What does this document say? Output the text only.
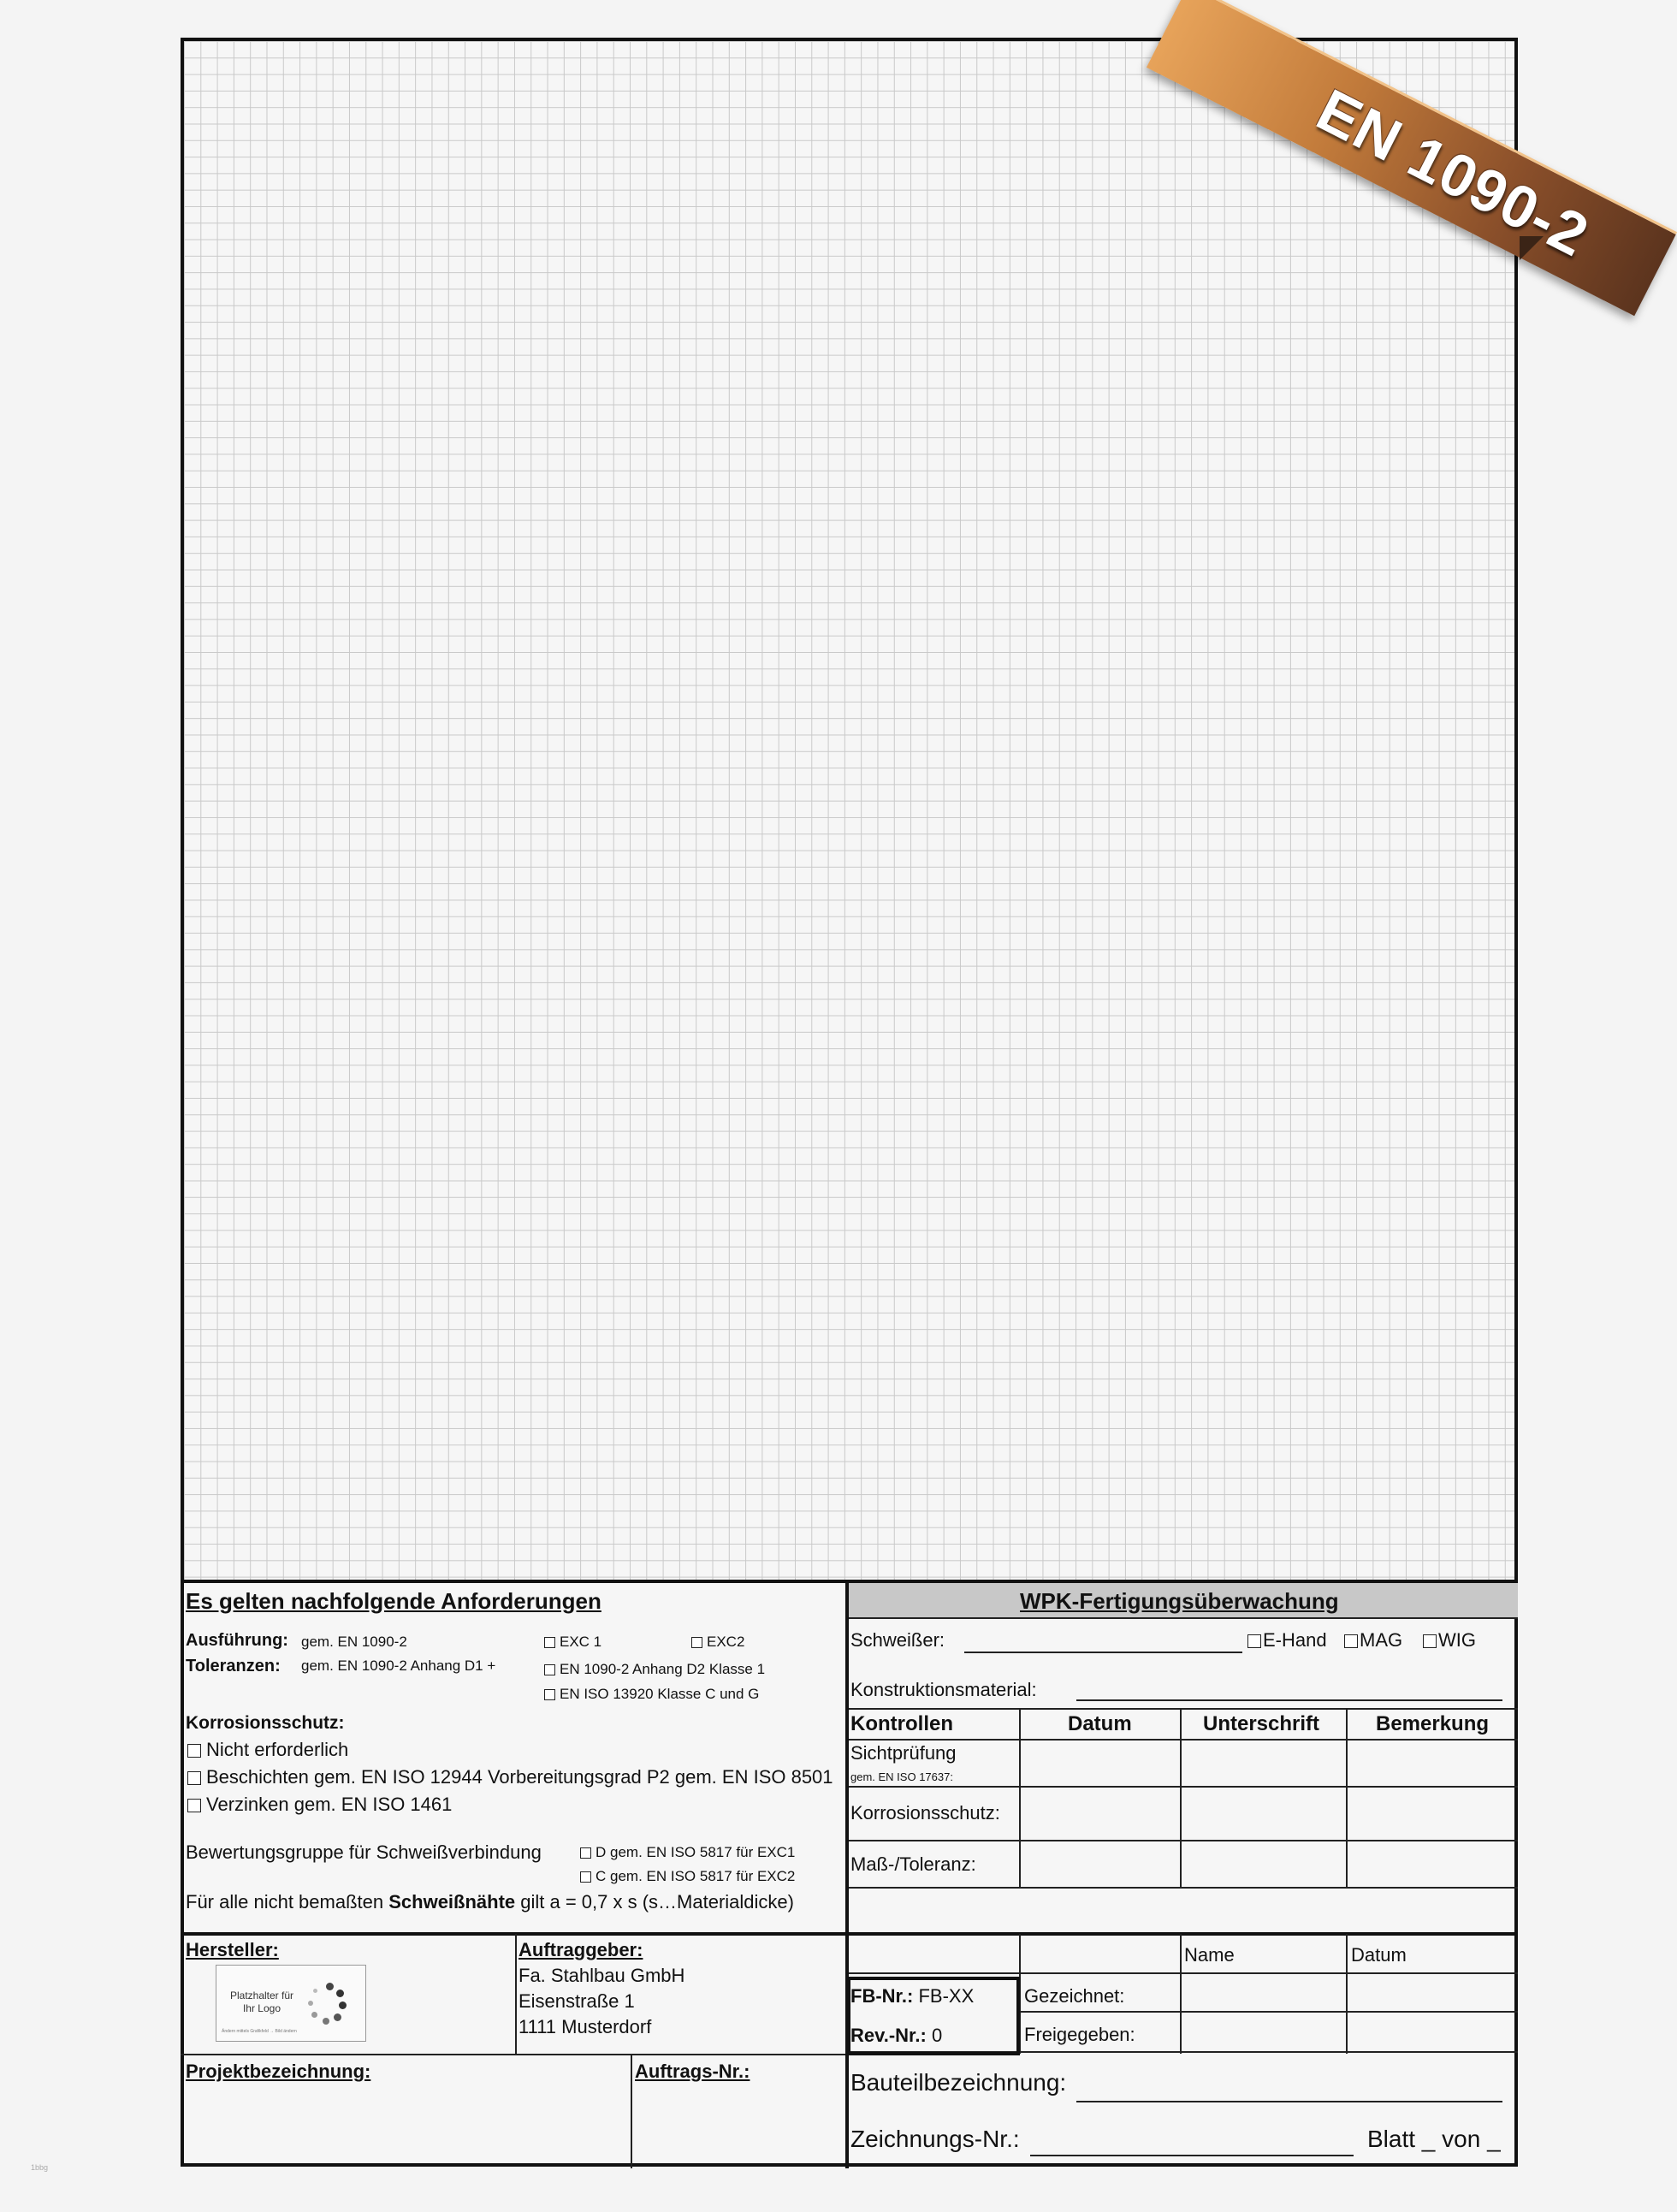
EN 1090-2
Es gelten nachfolgende Anforderungen
Ausführung: gem. EN 1090-2
Toleranzen: gem. EN 1090-2 Anhang D1 +
EXC 1	EXC2
EN 1090-2 Anhang D2 Klasse 1
EN ISO 13920 Klasse C und G
Korrosionsschutz:
Nicht erforderlich
Beschichten gem. EN ISO 12944 Vorbereitungsgrad P2 gem. EN ISO 8501
Verzinken gem. EN ISO 1461
Bewertungsgruppe für Schweißverbindung	D gem. EN ISO 5817 für EXC1
C gem. EN ISO 5817 für EXC2
Für alle nicht bemaßten Schweißnähte gilt a = 0,7 x s (s…Materialdicke)
WPK-Fertigungsüberwachung
Schweißer:	E-Hand	MAG	WIG
Konstruktionsmaterial:
Kontrollen	Datum	Unterschrift	Bemerkung
Sichtprüfung
gem. EN ISO 17637:
Korrosionsschutz:
Maß-/Toleranz:
Hersteller:
Platzhalter für Ihr Logo
Ändern mittels Grafikfeld → Bild ändern
Auftraggeber:
Fa. Stahlbau GmbH
Eisenstraße 1
1111 Musterdorf
Name	Datum
FB-Nr.: FB-XX
Rev.-Nr.: 0
Gezeichnet:
Freigegeben:
Projektbezeichnung:	Auftrags-Nr.:	Bauteilbezeichnung:
Zeichnungs-Nr.:	Blatt _ von _
1bbg
